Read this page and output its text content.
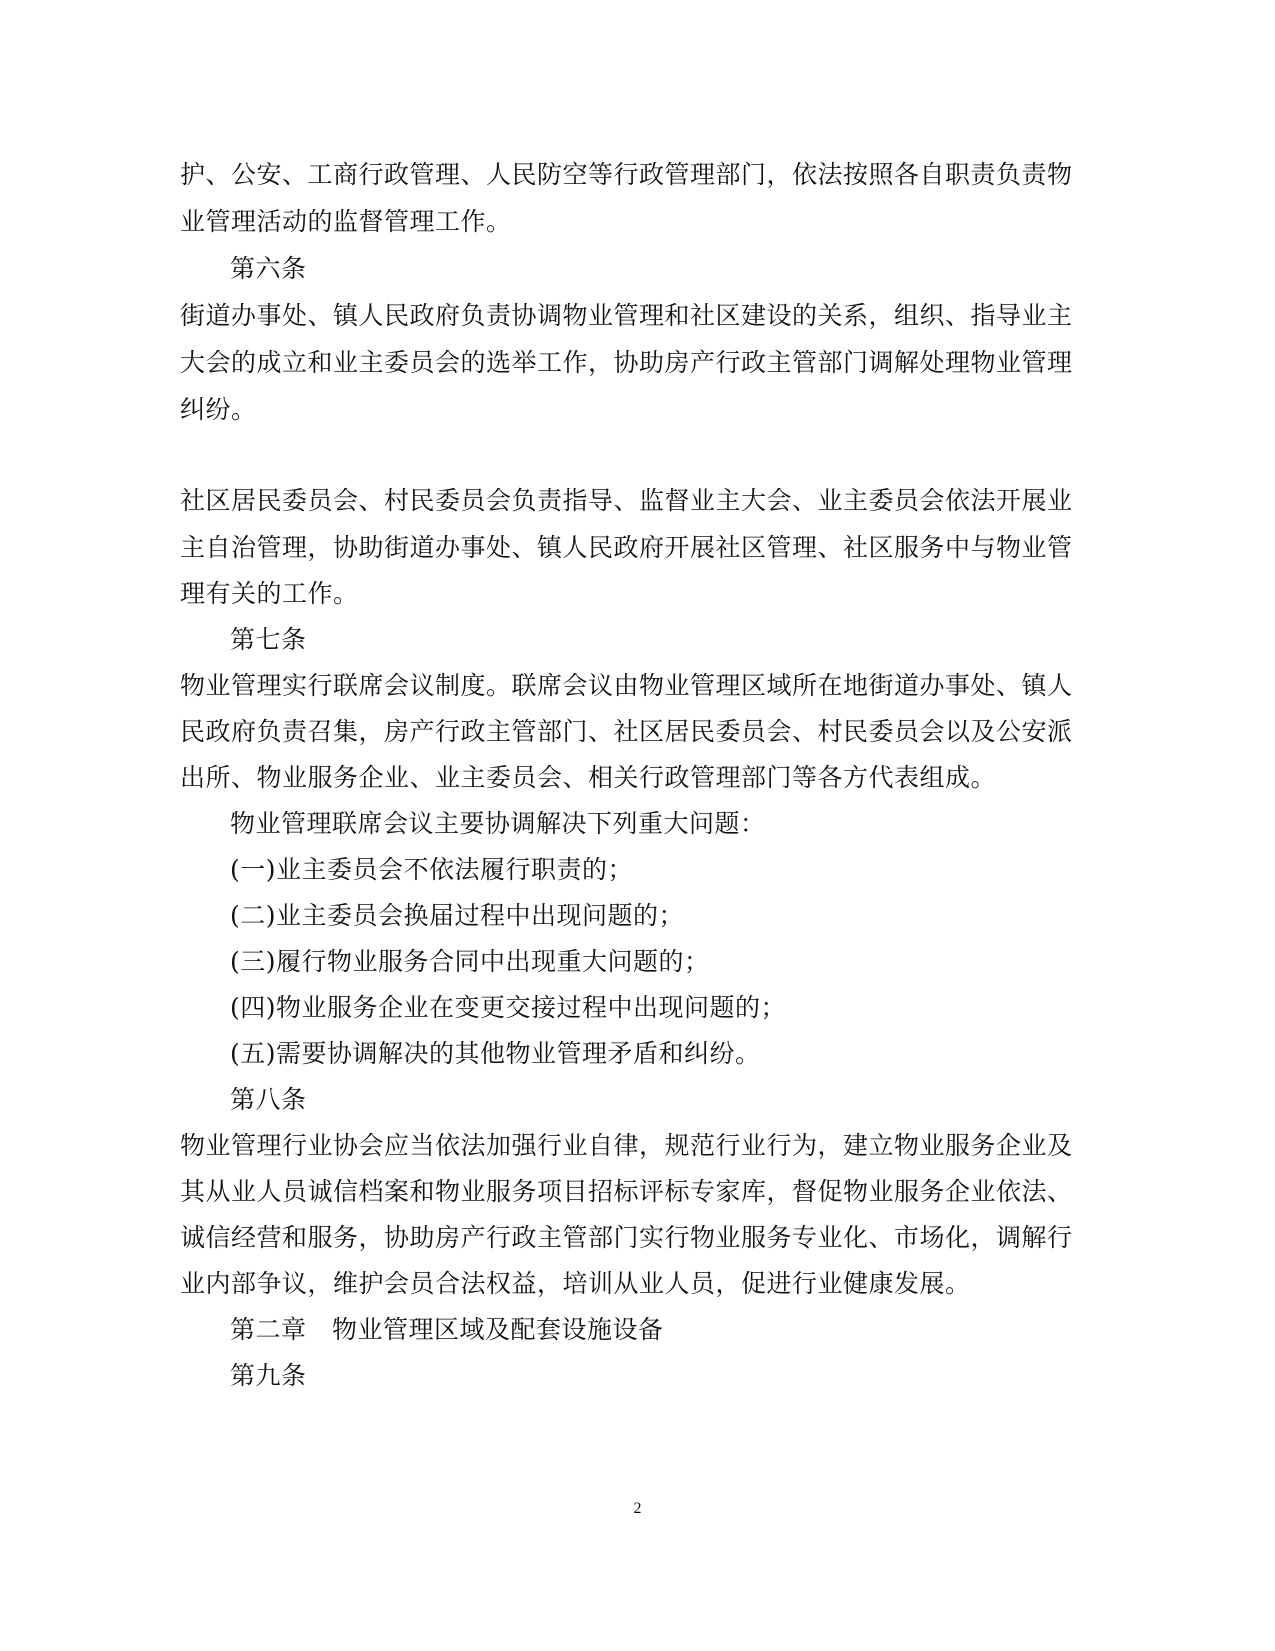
护、公安、工商行政管理、人民防空等行政管理部门，依法按照各自职责负责物
业管理活动的监督管理工作。
第六条
街道办事处、镇人民政府负责协调物业管理和社区建设的关系，组织、指导业主
大会的成立和业主委员会的选举工作，协助房产行政主管部门调解处理物业管理
纠纷。
社区居民委员会、村民委员会负责指导、监督业主大会、业主委员会依法开展业
主自治管理，协助街道办事处、镇人民政府开展社区管理、社区服务中与物业管
理有关的工作。
第七条
物业管理实行联席会议制度。联席会议由物业管理区域所在地街道办事处、镇人
民政府负责召集，房产行政主管部门、社区居民委员会、村民委员会以及公安派
出所、物业服务企业、业主委员会、相关行政管理部门等各方代表组成。
物业管理联席会议主要协调解决下列重大问题：
(一)业主委员会不依法履行职责的；
(二)业主委员会换届过程中出现问题的；
(三)履行物业服务合同中出现重大问题的；
(四)物业服务企业在变更交接过程中出现问题的；
(五)需要协调解决的其他物业管理矛盾和纠纷。
第八条
物业管理行业协会应当依法加强行业自律，规范行业行为，建立物业服务企业及
其从业人员诚信档案和物业服务项目招标评标专家库，督促物业服务企业依法、
诚信经营和服务，协助房产行政主管部门实行物业服务专业化、市场化，调解行
业内部争议，维护会员合法权益，培训从业人员，促进行业健康发展。
第二章　物业管理区域及配套设施设备
第九条
2
